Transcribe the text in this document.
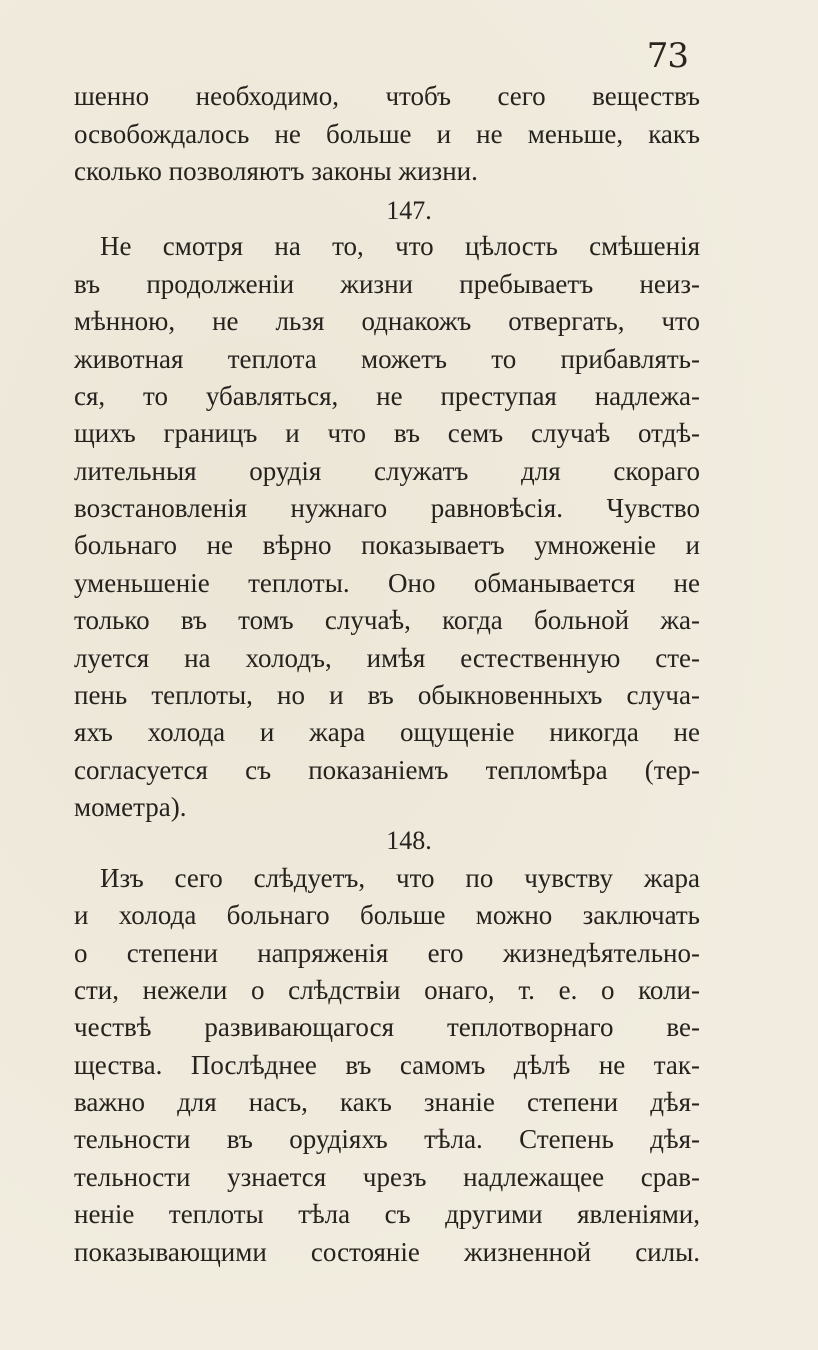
73
шенно необходимо, чтобъ сего веществъ
освобождалось не больше и не меньше, какъ
сколько позволяютъ законы жизни.
147.
Не смотря на то, что цѣлость смѣшенія
въ продолженіи жизни пребываетъ неиз-
мѣнною, не льзя однакожъ отвергать, что
животная теплота можетъ то прибавлять-
ся, то убавляться, не преступая надлежа-
щихъ границъ и что въ семъ случаѣ отдѣ-
лительныя орудія служатъ для скораго
возстановленія нужнаго равновѣсія. Чувство
больнаго не вѣрно показываетъ умноженіе и
уменьшеніе теплоты. Оно обманывается не
только въ томъ случаѣ, когда больной жа-
луется на холодъ, имѣя естественную сте-
пень теплоты, но и въ обыкновенныхъ случа-
яхъ холода и жара ощущеніе никогда не
согласуется съ показаніемъ тепломѣра (тер-
мометра).
148.
Изъ сего слѣдуетъ, что по чувству жара
и холода больнаго больше можно заключать
о степени напряженія его жизнедѣятельно-
сти, нежели о слѣдствіи онаго, т. е. о коли-
чествѣ развивающагося теплотворнаго ве-
щества. Послѣднее въ самомъ дѣлѣ не так-
важно для насъ, какъ знаніе степени дѣя-
тельности въ орудіяхъ тѣла. Степень дѣя-
тельности узнается чрезъ надлежащее срав-
неніе теплоты тѣла съ другими явленіями,
показывающими состояніе жизненной силы.
